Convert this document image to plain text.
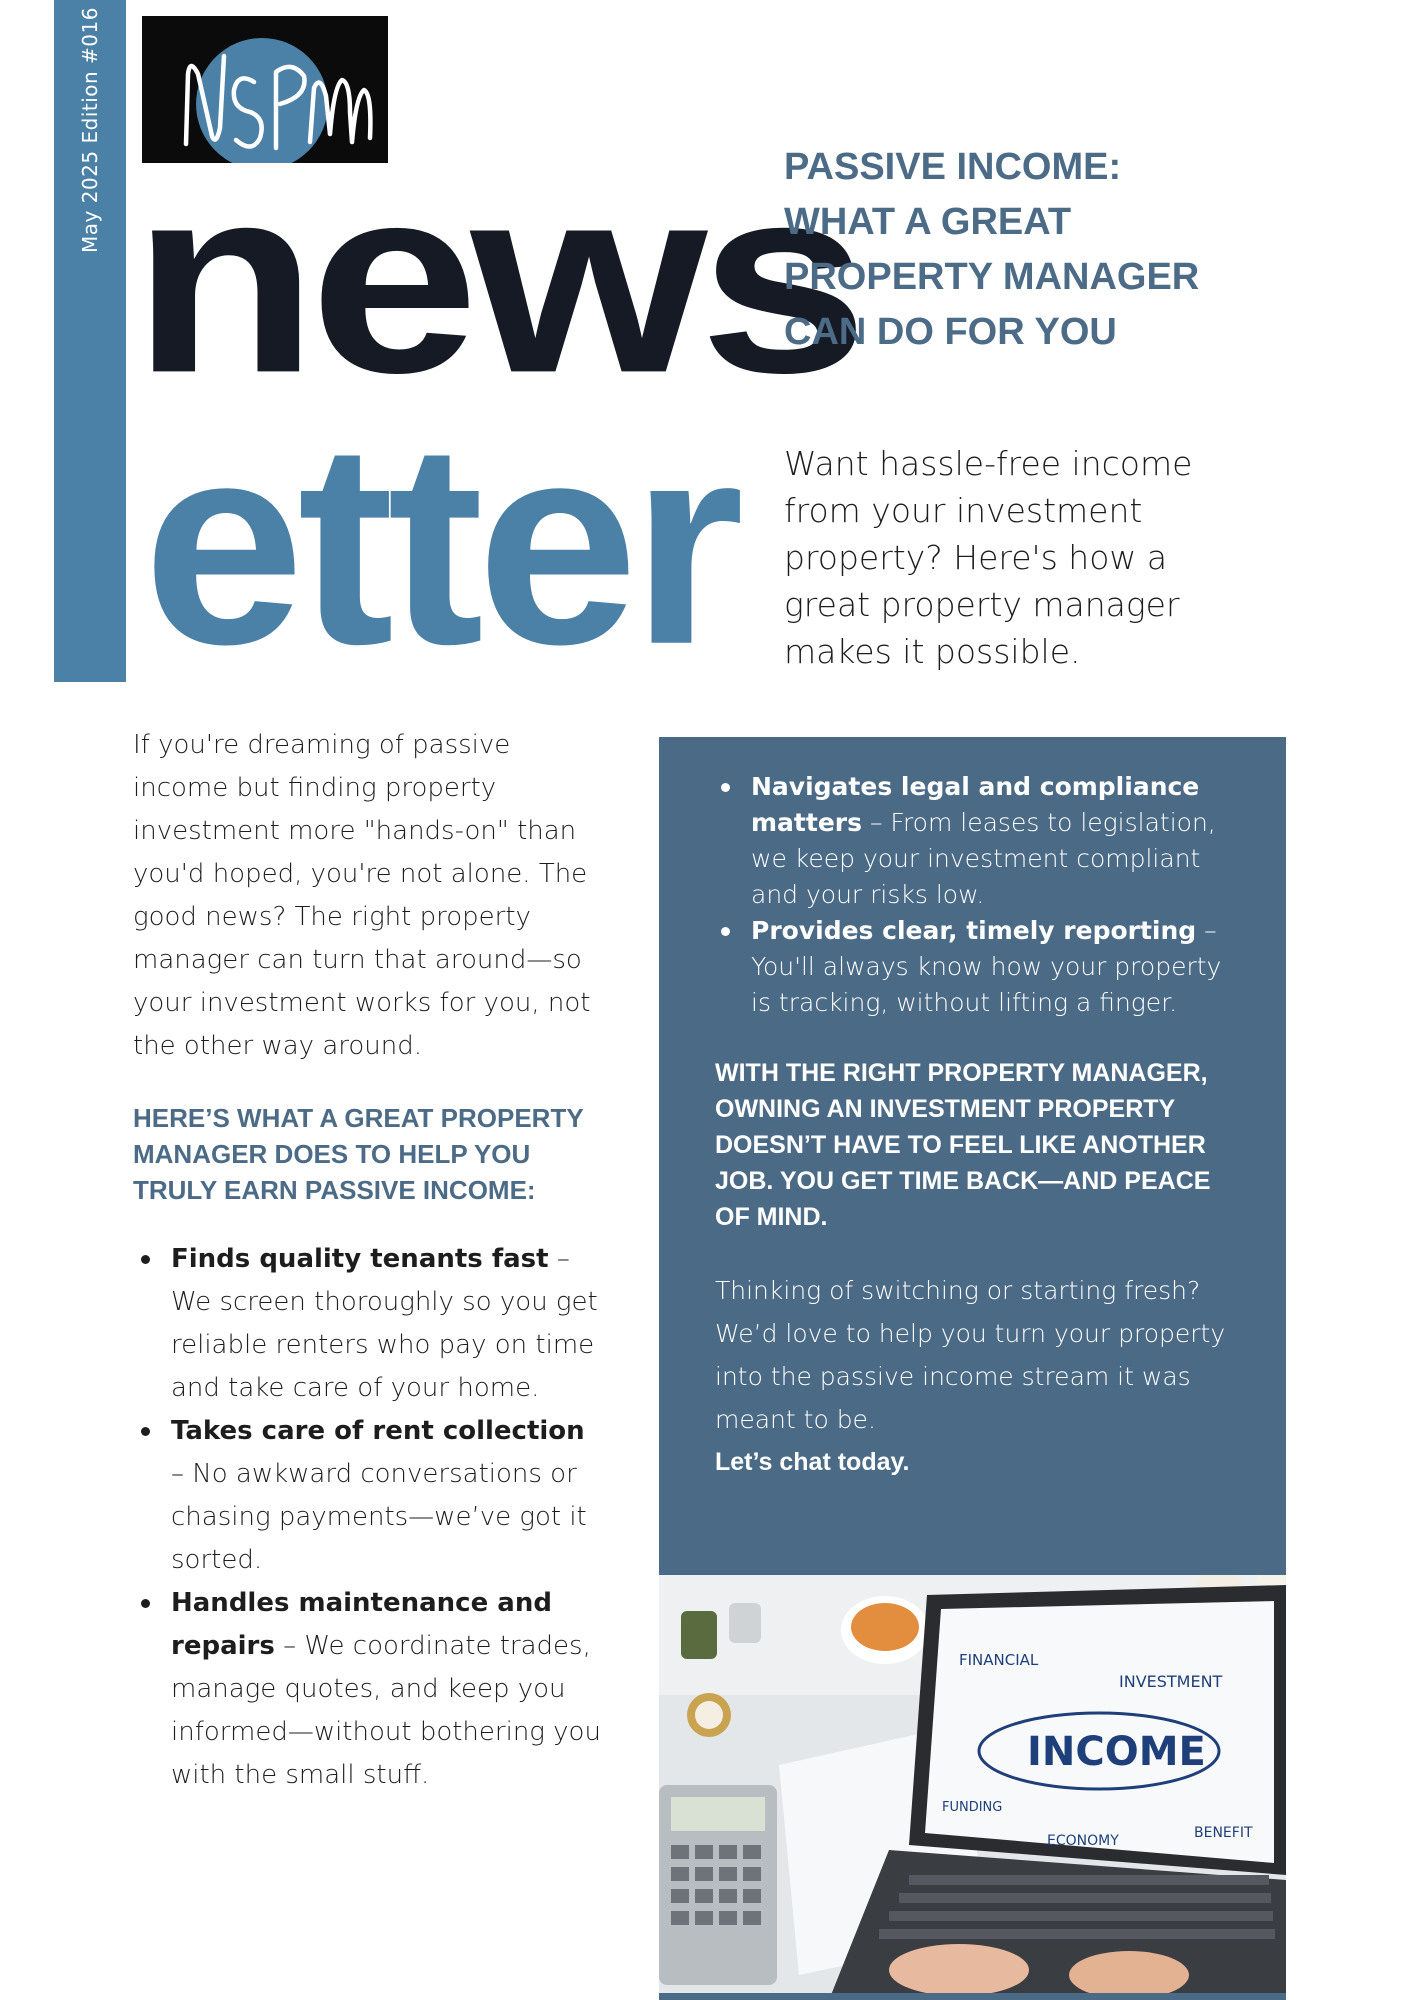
May 2025 Edition #016
news
etter
PASSIVE INCOME: WHAT A GREAT PROPERTY MANAGER CAN DO FOR YOU

Want hassle-free income from your investment property? Here's how a great property manager makes it possible.

If you're dreaming of passive income but finding property investment more "hands-on" than you'd hoped, you're not alone. The good news? The right property manager can turn that around—so your investment works for you, not the other way around.

HERE’S WHAT A GREAT PROPERTY MANAGER DOES TO HELP YOU TRULY EARN PASSIVE INCOME:
Finds quality tenants fast – We screen thoroughly so you get reliable renters who pay on time and take care of your home.
Takes care of rent collection – No awkward conversations or chasing payments—we’ve got it sorted.
Handles maintenance and repairs – We coordinate trades, manage quotes, and keep you informed—without bothering you with the small stuff.
Navigates legal and compliance matters – From leases to legislation, we keep your investment compliant and your risks low.
Provides clear, timely reporting – You'll always know how your property is tracking, without lifting a finger.

WITH THE RIGHT PROPERTY MANAGER, OWNING AN INVESTMENT PROPERTY DOESN’T HAVE TO FEEL LIKE ANOTHER JOB. YOU GET TIME BACK—AND PEACE OF MIND.

Thinking of switching or starting fresh? We’d love to help you turn your property into the passive income stream it was meant to be.

Let’s chat today.

FINANCIAL
INVESTMENT
FUNDING
ECONOMY	BENEFIT
INCOME
